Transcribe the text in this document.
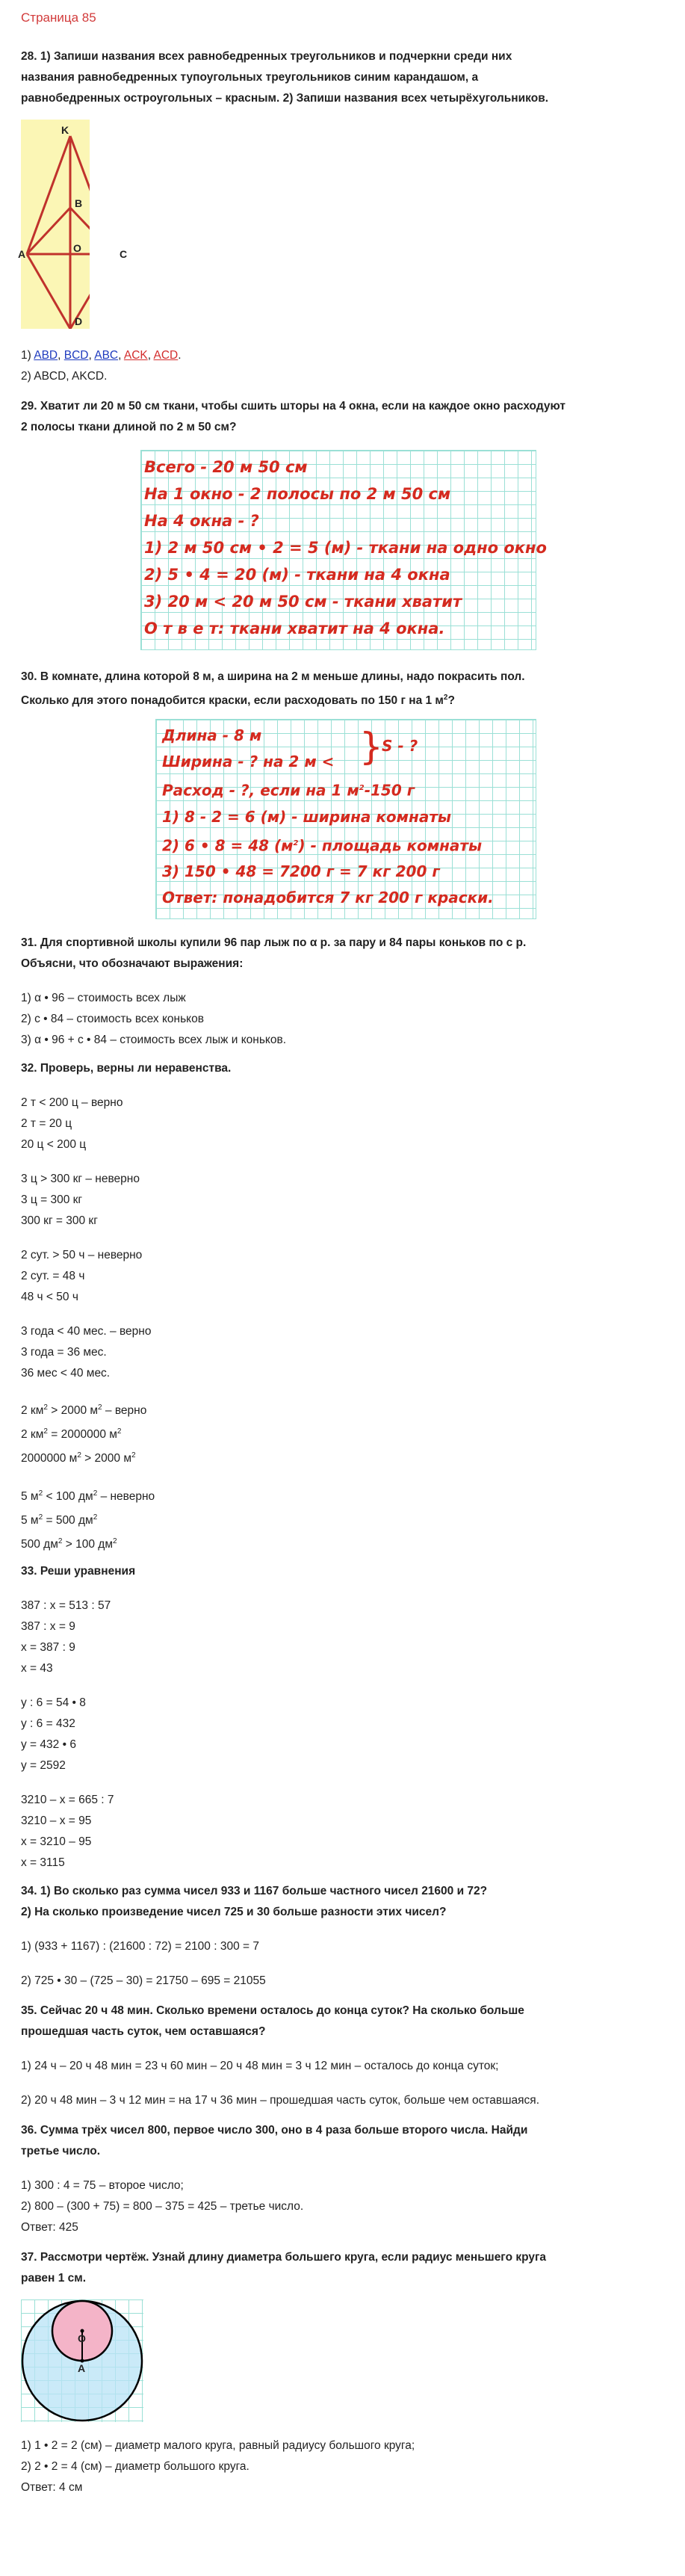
Страница 85

28. 1) Запиши названия всех равнобедренных треугольников и подчеркни среди них

названия равнобедренных тупоугольных треугольников синим карандашом, а

равнобедренных остроугольных – красным. 2) Запиши названия всех четырёхугольников.

K
B
A	O	C
D

1) ABD, BCD, ABC, ACK, ACD.

2) ABCD, AKCD.

29. Хватит ли 20 м 50 см ткани, чтобы сшить шторы на 4 окна, если на каждое окно расходуют

2 полосы ткани длиной по 2 м 50 см?

Всего - 20 м 50 см
На 1 окно - 2 полосы по 2 м 50 см
На 4 окна - ?
1) 2 м 50 см • 2 = 5 (м) - ткани на одно окно
2) 5 • 4 = 20 (м) - ткани на 4 окна
3) 20 м < 20 м 50 см - ткани хватит
О т в е т: ткани хватит на 4 окна.

30. В комнате, длина которой 8 м, а ширина на 2 м меньше длины, надо покрасить пол.

Сколько для этого понадобится краски, если расходовать по 150 г на 1 $м^2$?

Длина - 8 м
Ширина - ? на 2 м <
Расход - ?, если на 1 $м^2-150$ г
1) 8 - 2 = 6 (м) - ширина комнаты
2) 6 • 8 = 48 $(м^2)$ - площадь комнаты
3) 150 • 48 = 7200 г = 7 кг 200 г
Ответ: понадобится 7 кг 200 г краски.
}
S - ?

31. Для спортивной школы купили 96 пар лыж по α р. за пару и 84 пары коньков по с р.

Объясни, что обозначают выражения:

1) α • 96 – стоимость всех лыж

2) с • 84 – стоимость всех коньков

3) α • 96 + с • 84 – стоимость всех лыж и коньков.

32. Проверь, верны ли неравенства.

2 т < 200 ц – верно

2 т = 20 ц

20 ц < 200 ц

3 ц > 300 кг – неверно

3 ц = 300 кг

300 кг = 300 кг

2 сут. > 50 ч – неверно

2 сут. = 48 ч

48 ч < 50 ч

3 года < 40 мес. – верно

3 года = 36 мес.

36 мес < 40 мес.

2 $км^2 > 2000$ $м^2$ – верно

2 $км^2 = 2000000$ $м^2$

2000000 $м^2 > 2000$ $м^2$

5 $м^2 < 100$ $дм^2$ – неверно

5 $м^2 = 500$ $дм^2$

500 $дм^2 > 100$ $дм^2$

33. Реши уравнения

387 : х = 513 : 57

387 : х = 9

х = 387 : 9

х = 43

у : 6 = 54 • 8

у : 6 = 432

у = 432 • 6

у = 2592

3210 – х = 665 : 7

3210 – х = 95

х = 3210 – 95

х = 3115

34. 1) Во сколько раз сумма чисел 933 и 1167 больше частного чисел 21600 и 72?

2) На сколько произведение чисел 725 и 30 больше разности этих чисел?

1) (933 + 1167) : (21600 : 72) = 2100 : 300 = 7

2) 725 • 30 – (725 – 30) = 21750 – 695 = 21055

35. Сейчас 20 ч 48 мин. Сколько времени осталось до конца суток? На сколько больше

прошедшая часть суток, чем оставшаяся?

1) 24 ч – 20 ч 48 мин = 23 ч 60 мин – 20 ч 48 мин = 3 ч 12 мин – осталось до конца суток;

2) 20 ч 48 мин – 3 ч 12 мин = на 17 ч 36 мин – прошедшая часть суток, больше чем оставшаяся.

36. Сумма трёх чисел 800, первое число 300, оно в 4 раза больше второго числа. Найди

третье число.

1) 300 : 4 = 75 – второе число;

2) 800 – (300 + 75) = 800 – 375 = 425 – третье число.

Ответ: 425

37. Рассмотри чертёж. Узнай длину диаметра большего круга, если радиус меньшего круга

равен 1 см.

O
A

1) 1 • 2 = 2 (см) – диаметр малого круга, равный радиусу большого круга;

2) 2 • 2 = 4 (см) – диаметр большого круга.

Ответ: 4 см
